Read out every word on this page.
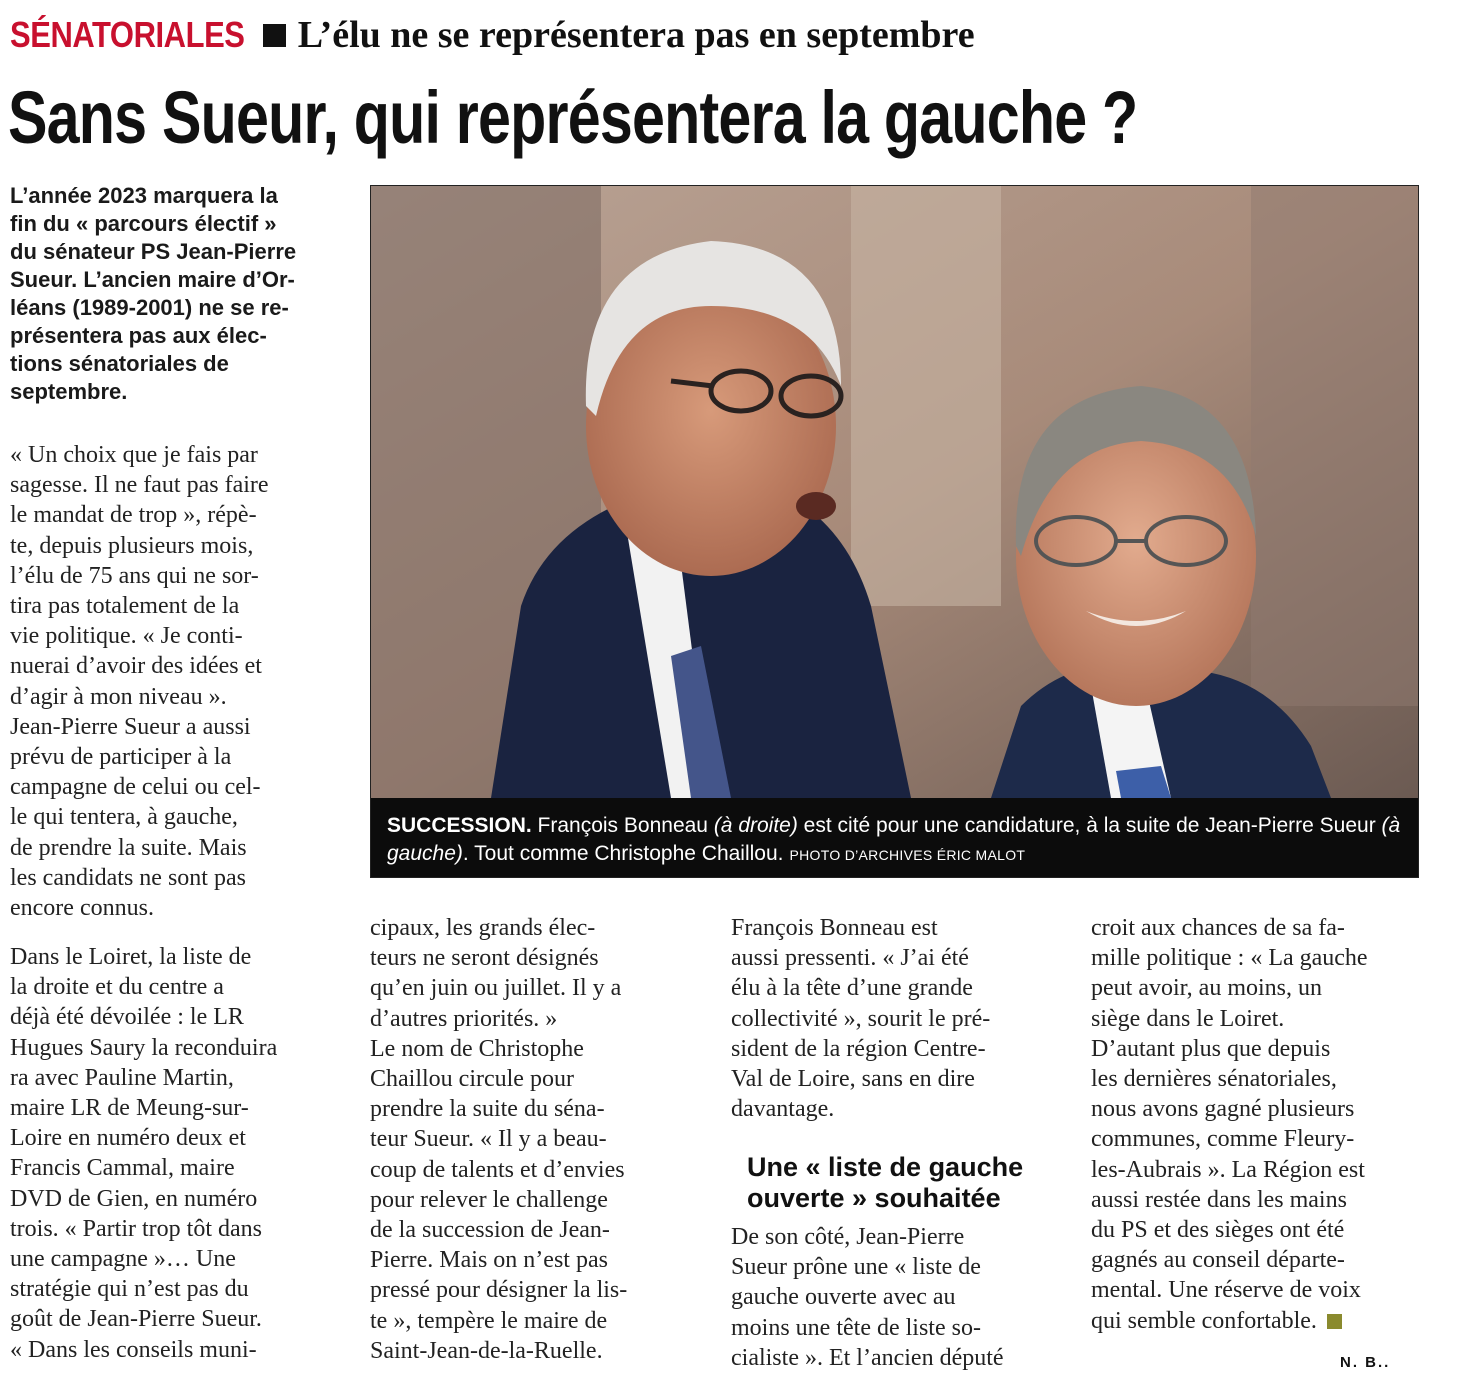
SÉNATORIALES L’élu ne se représentera pas en septembre
Sans Sueur, qui représentera la gauche ?

L’année 2023 marquera la
fin du « parcours électif »
du sénateur PS Jean-Pierre
Sueur. L’ancien maire d’Or-
léans (1989-2001) ne se re-
présentera pas aux élec-
tions sénatoriales de
septembre.

SUCCESSION. François Bonneau (à droite) est cité pour une candidature, à la suite de Jean-Pierre Sueur (à gauche). Tout comme Christophe Chaillou. PHOTO D’ARCHIVES ÉRIC MALOT

« Un choix que je fais par
sagesse. Il ne faut pas faire
le mandat de trop », répè-
te, depuis plusieurs mois,
l’élu de 75 ans qui ne sor-
tira pas totalement de la
vie politique. « Je conti-
nuerai d’avoir des idées et
d’agir à mon niveau ».
Jean-Pierre Sueur a aussi
prévu de participer à la
campagne de celui ou cel-
le qui tentera, à gauche,
de prendre la suite. Mais
les candidats ne sont pas
encore connus.
Dans le Loiret, la liste de
la droite et du centre a
déjà été dévoilée : le LR
Hugues Saury la reconduira
ra avec Pauline Martin,
maire LR de Meung-sur-
Loire en numéro deux et
Francis Cammal, maire
DVD de Gien, en numéro
trois. « Partir trop tôt dans
une campagne »… Une
stratégie qui n’est pas du
goût de Jean-Pierre Sueur.
« Dans les conseils muni-
cipaux, les grands élec-
teurs ne seront désignés
qu’en juin ou juillet. Il y a
d’autres priorités. »
Le nom de Christophe
Chaillou circule pour
prendre la suite du séna-
teur Sueur. « Il y a beau-
coup de talents et d’envies
pour relever le challenge
de la succession de Jean-
Pierre. Mais on n’est pas
pressé pour désigner la lis-
te », tempère le maire de
Saint-Jean-de-la-Ruelle.
François Bonneau est
aussi pressenti. « J’ai été
élu à la tête d’une grande
collectivité », sourit le pré-
sident de la région Centre-
Val de Loire, sans en dire
davantage.
Une « liste de gauche
ouverte » souhaitée
De son côté, Jean-Pierre
Sueur prône une « liste de
gauche ouverte avec au
moins une tête de liste so-
cialiste ». Et l’ancien député
croit aux chances de sa fa-
mille politique : « La gauche
peut avoir, au moins, un
siège dans le Loiret.
D’autant plus que depuis
les dernières sénatoriales,
nous avons gagné plusieurs
communes, comme Fleury-
les-Aubrais ». La Région est
aussi restée dans les mains
du PS et des sièges ont été
gagnés au conseil départe-
mental. Une réserve de voix
qui semble confortable.
N. B..
